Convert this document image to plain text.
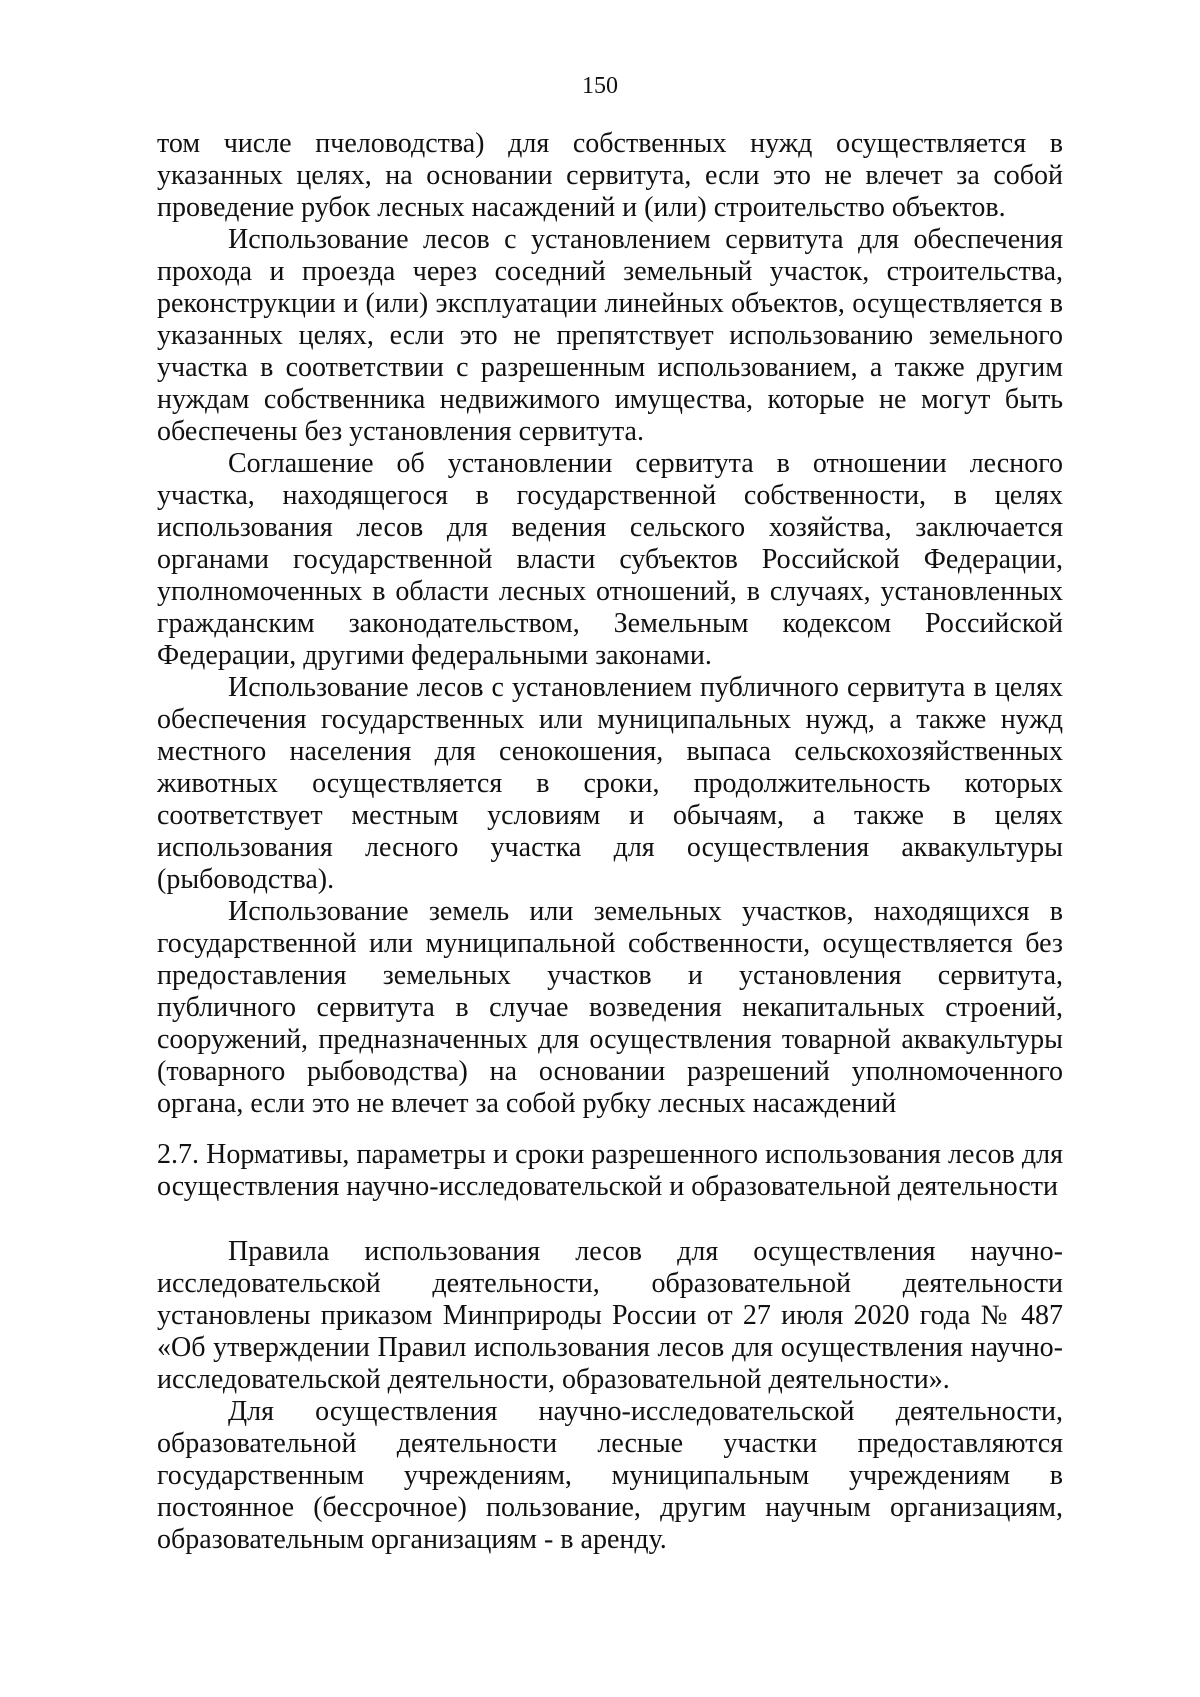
150

том числе пчеловодства) для собственных нужд осуществляется в указанных целях, на основании сервитута, если это не влечет за собой проведение рубок лесных насаждений и (или) строительство объектов.

Использование лесов с установлением сервитута для обеспечения прохода и проезда через соседний земельный участок, строительства, реконструкции и (или) эксплуатации линейных объектов, осуществляется в указанных целях, если это не препятствует использованию земельного участка в соответствии с разрешенным использованием, а также другим нуждам собственника недвижимого имущества, которые не могут быть обеспечены без установления сервитута.

Соглашение об установлении сервитута в отношении лесного участка, находящегося в государственной собственности, в целях использования лесов для ведения сельского хозяйства, заключается органами государственной власти субъектов Российской Федерации, уполномоченных в области лесных отношений, в случаях, установленных гражданским законодательством, Земельным кодексом Российской Федерации, другими федеральными законами.

Использование лесов с установлением публичного сервитута в целях обеспечения государственных или муниципальных нужд, а также нужд местного населения для сенокошения, выпаса сельскохозяйственных животных осуществляется в сроки, продолжительность которых соответствует местным условиям и обычаям, а также в целях использования лесного участка для осуществления аквакультуры (рыбоводства).

Использование земель или земельных участков, находящихся в государственной или муниципальной собственности, осуществляется без предоставления земельных участков и установления сервитута, публичного сервитута в случае возведения некапитальных строений, сооружений, предназначенных для осуществления товарной аквакультуры (товарного рыбоводства) на основании разрешений уполномоченного органа, если это не влечет за собой рубку лесных насаждений

2.7. Нормативы, параметры и сроки разрешенного использования лесов для осуществления научно-исследовательской и образовательной деятельности

Правила использования лесов для осуществления научно-исследовательской деятельности, образовательной деятельности установлены приказом Минприроды России от 27 июля 2020 года № 487 «Об утверждении Правил использования лесов для осуществления научно-исследовательской деятельности, образовательной деятельности».

Для осуществления научно-исследовательской деятельности, образовательной деятельности лесные участки предоставляются государственным учреждениям, муниципальным учреждениям в постоянное (бессрочное) пользование, другим научным организациям, образовательным организациям - в аренду.
